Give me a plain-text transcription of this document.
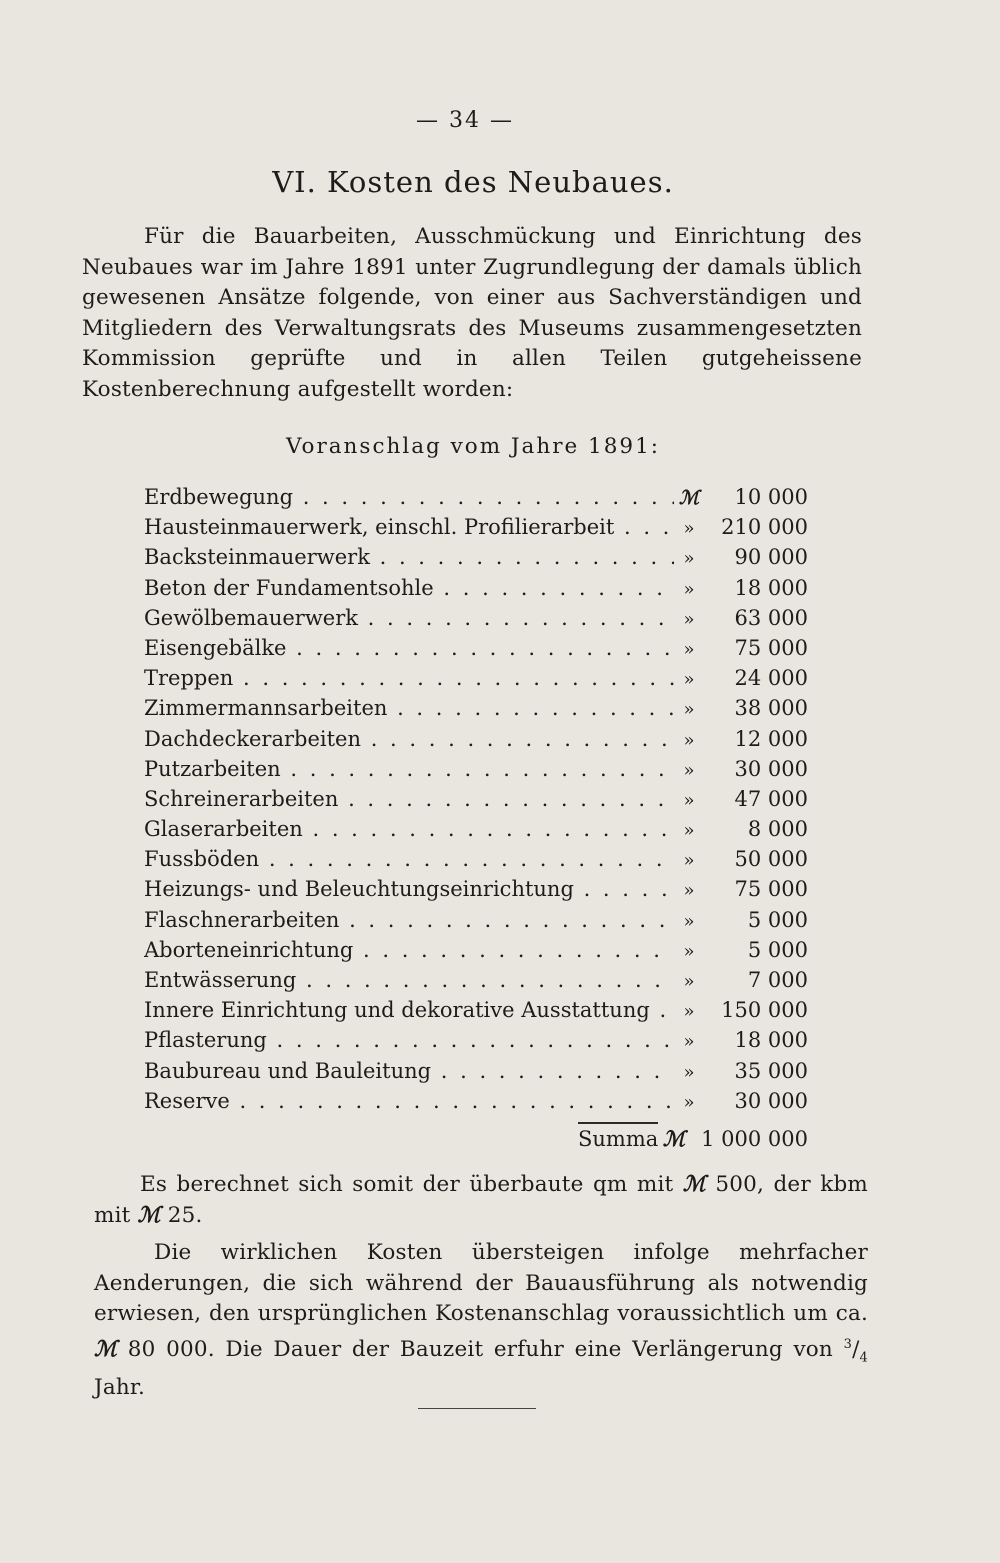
— 34 —
VI. Kosten des Neubaues.
Für die Bauarbeiten, Ausschmückung und Einrichtung des Neubaues war im Jahre 1891 unter Zugrundlegung der damals üblich gewesenen Ansätze folgende, von einer aus Sachverständigen und Mitgliedern des Verwaltungsrats des Museums zusammengesetzten Kommission geprüfte und in allen Teilen gutgeheissene Kostenberechnung aufgestellt worden:
Voranschlag vom Jahre 1891:
Erdbewegung . . .	ℳ	10 000
Hausteinmauerwerk, einschl. Profilierarbeit . . .	»	210 000
Backsteinmauerwerk . . .	»	90 000
Beton der Fundamentsohle . . .	»	18 000
Gewölbemauerwerk . . .	»	63 000
Eisengebälke . . .	»	75 000
Treppen . . .	»	24 000
Zimmermannsarbeiten . . .	»	38 000
Dachdeckerarbeiten . . .	»	12 000
Putzarbeiten . . .	»	30 000
Schreinerarbeiten . . .	»	47 000
Glaserarbeiten . . .	»	8 000
Fussböden . . .	»	50 000
Heizungs- und Beleuchtungseinrichtung . . .	»	75 000
Flaschnerarbeiten . . .	»	5 000
Aborteneinrichtung . . .	»	5 000
Entwässerung . . .	»	7 000
Innere Einrichtung und dekorative Ausstattung . . .	»	150 000
Pflasterung . . .	»	18 000
Baubureau und Bauleitung . . .	»	35 000
Reserve . . .	»	30 000
Summa ℳ 1 000 000
Es berechnet sich somit der überbaute qm mit ℳ 500, der kbm mit ℳ 25.
Die wirklichen Kosten übersteigen infolge mehrfacher Aenderungen, die sich während der Bauausführung als notwendig erwiesen, den ursprünglichen Kostenanschlag voraussichtlich um ca. ℳ 80 000. Die Dauer der Bauzeit erfuhr eine Verlängerung von $^3/_4$ Jahr.
